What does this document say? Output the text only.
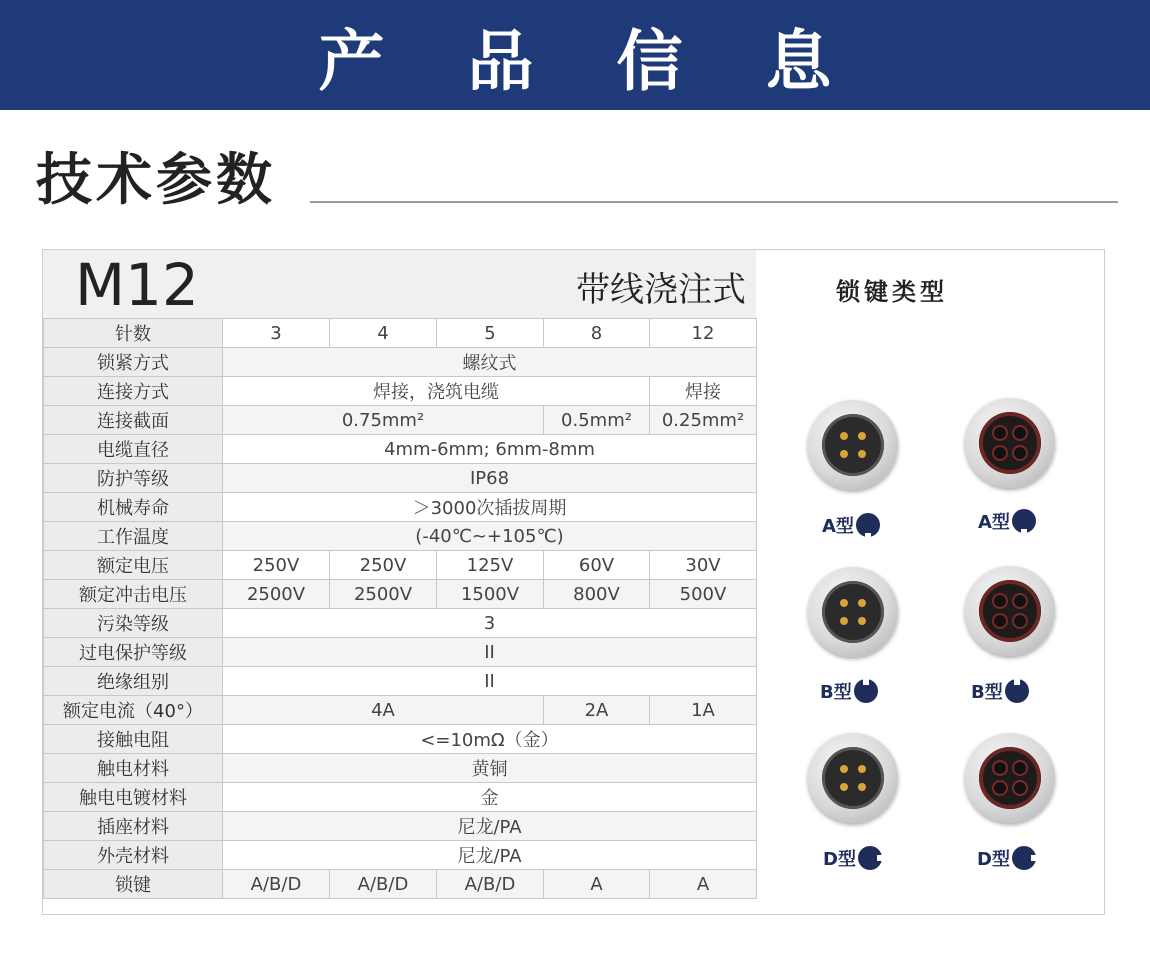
产 品 信 息
技术参数
M12	带线浇注式
针数	3	4	5	8	12
锁紧方式	螺纹式				
连接方式	焊接，浇筑电缆				焊接
连接截面	0.75mm²			0.5mm²	0.25mm²
电缆直径	4mm-6mm; 6mm-8mm				
防护等级	IP68				
机械寿命	＞3000次插拔周期				
工作温度	(-40℃~+105℃)				
额定电压	250V	250V	125V	60V	30V
额定冲击电压	2500V	2500V	1500V	800V	500V
污染等级	3				
过电保护等级	II				
绝缘组别	II				
额定电流（40°）	4A			2A	1A
接触电阻	<=10mΩ（金）				
触电材料	黄铜				
触电电镀材料	金				
插座材料	尼龙/PA				
外壳材料	尼龙/PA				
锁键	A/B/D	A/B/D	A/B/D	A	A
锁键类型
A型	A型
B型	B型
D型	D型
